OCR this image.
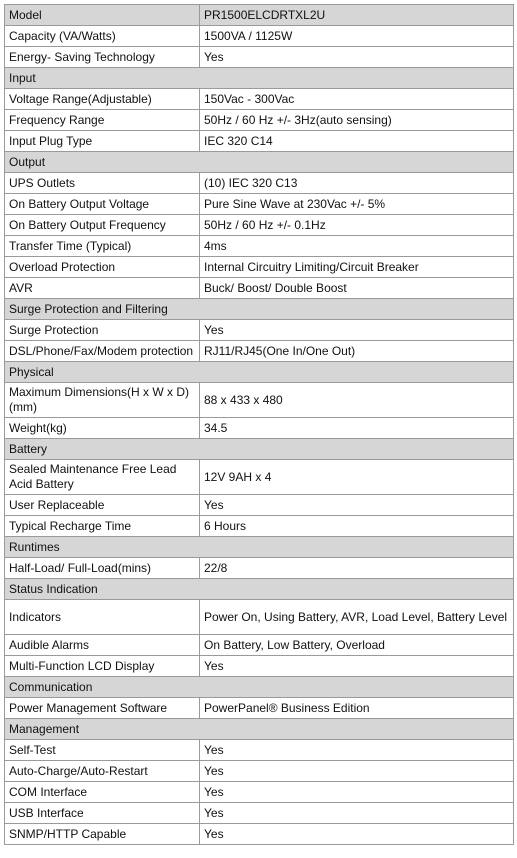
Model	PR1500ELCDRTXL2U
Capacity (VA/Watts)	1500VA / 1125W
Energy- Saving Technology	Yes
Input	
Voltage Range(Adjustable)	150Vac - 300Vac
Frequency Range	50Hz / 60 Hz +/- 3Hz(auto sensing)
Input Plug Type	IEC 320 C14
Output	
UPS Outlets	(10) IEC 320 C13
On Battery Output Voltage	Pure Sine Wave at 230Vac +/- 5%
On Battery Output Frequency	50Hz / 60 Hz +/- 0.1Hz
Transfer Time (Typical)	4ms
Overload Protection	Internal Circuitry Limiting/Circuit Breaker
AVR	Buck/ Boost/ Double Boost
Surge Protection and Filtering	
Surge Protection	Yes
DSL/Phone/Fax/Modem protection	RJ11/RJ45(One In/One Out)
Physical	
Maximum Dimensions(H x W x D) (mm)	88 x 433 x 480
Weight(kg)	34.5
Battery	
Sealed Maintenance Free Lead Acid Battery	12V 9AH x 4
User Replaceable	Yes
Typical Recharge Time	6 Hours
Runtimes	
Half-Load/ Full-Load(mins)	22/8
Status Indication	
Indicators	Power On, Using Battery, AVR, Load Level, Battery Level
Audible Alarms	On Battery, Low Battery, Overload
Multi-Function LCD Display	Yes
Communication	
Power Management Software	PowerPanel® Business Edition
Management	
Self-Test	Yes
Auto-Charge/Auto-Restart	Yes
COM Interface	Yes
USB Interface	Yes
SNMP/HTTP Capable	Yes
